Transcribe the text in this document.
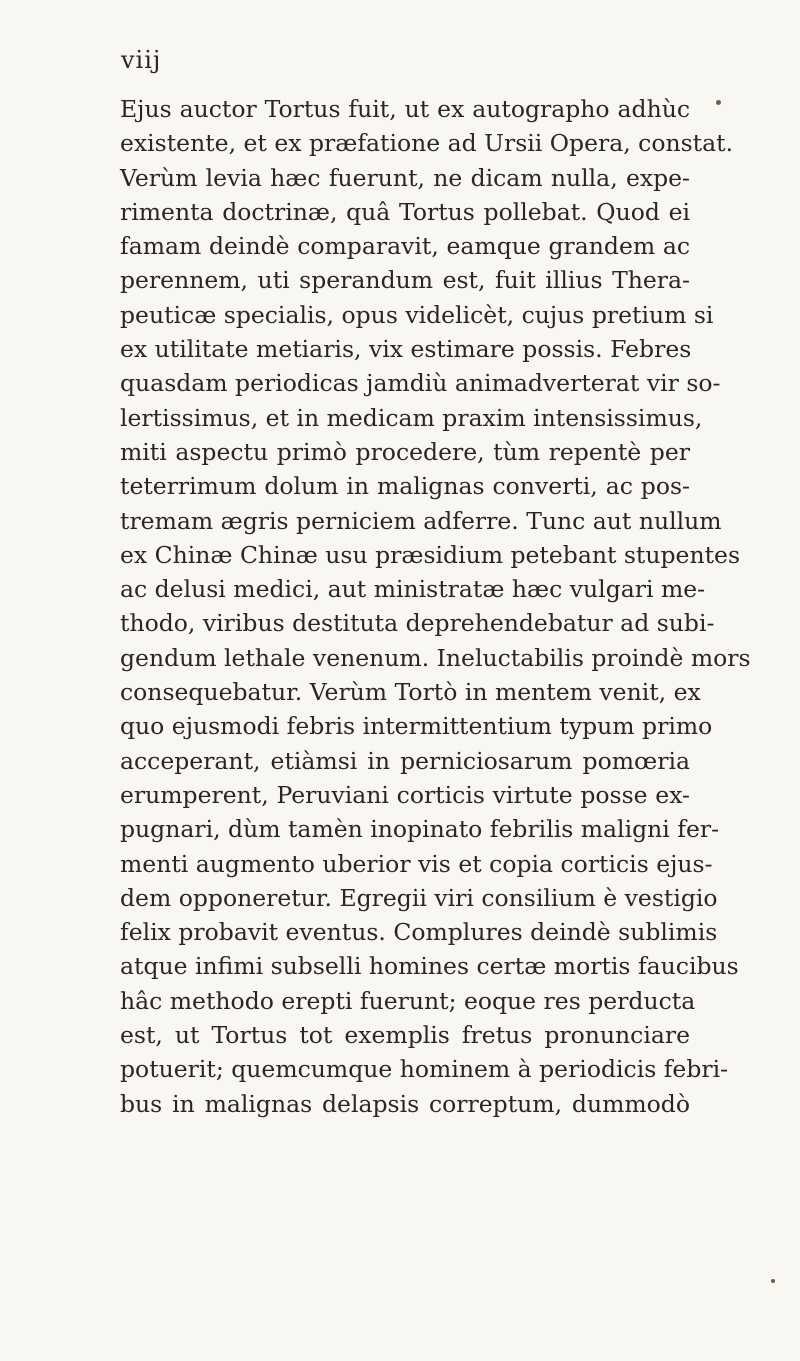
viij
Ejus auctor Tortus fuit, ut ex autographo adhùc
existente, et ex præfatione ad Ursii Opera, constat.
Verùm levia hæc fuerunt, ne dicam nulla, expe-
rimenta doctrinæ, quâ Tortus pollebat. Quod ei
famam deindè comparavit, eamque grandem ac
perennem, uti sperandum est, fuit illius Thera-
peuticæ specialis, opus videlicèt, cujus pretium si
ex utilitate metiaris, vix estimare possis. Febres
quasdam periodicas jamdiù animadverterat vir so-
lertissimus, et in medicam praxim intensissimus,
miti aspectu primò procedere, tùm repentè per
teterrimum dolum in malignas converti, ac pos-
tremam ægris perniciem adferre. Tunc aut nullum
ex Chinæ Chinæ usu præsidium petebant stupentes
ac delusi medici, aut ministratæ hæc vulgari me-
thodo, viribus destituta deprehendebatur ad subi-
gendum lethale venenum. Ineluctabilis proindè mors
consequebatur. Verùm Tortò in mentem venit, ex
quo ejusmodi febris intermittentium typum primo
acceperant, etiàmsi in perniciosarum pomœria
erumperent, Peruviani corticis virtute posse ex-
pugnari, dùm tamèn inopinato febrilis maligni fer-
menti augmento uberior vis et copia corticis ejus-
dem opponeretur. Egregii viri consilium è vestigio
felix probavit eventus. Complures deindè sublimis
atque infimi subselli homines certæ mortis faucibus
hâc methodo erepti fuerunt; eoque res perducta
est, ut Tortus tot exemplis fretus pronunciare
potuerit; quemcumque hominem à periodicis febri-
bus in malignas delapsis correptum, dummodò
